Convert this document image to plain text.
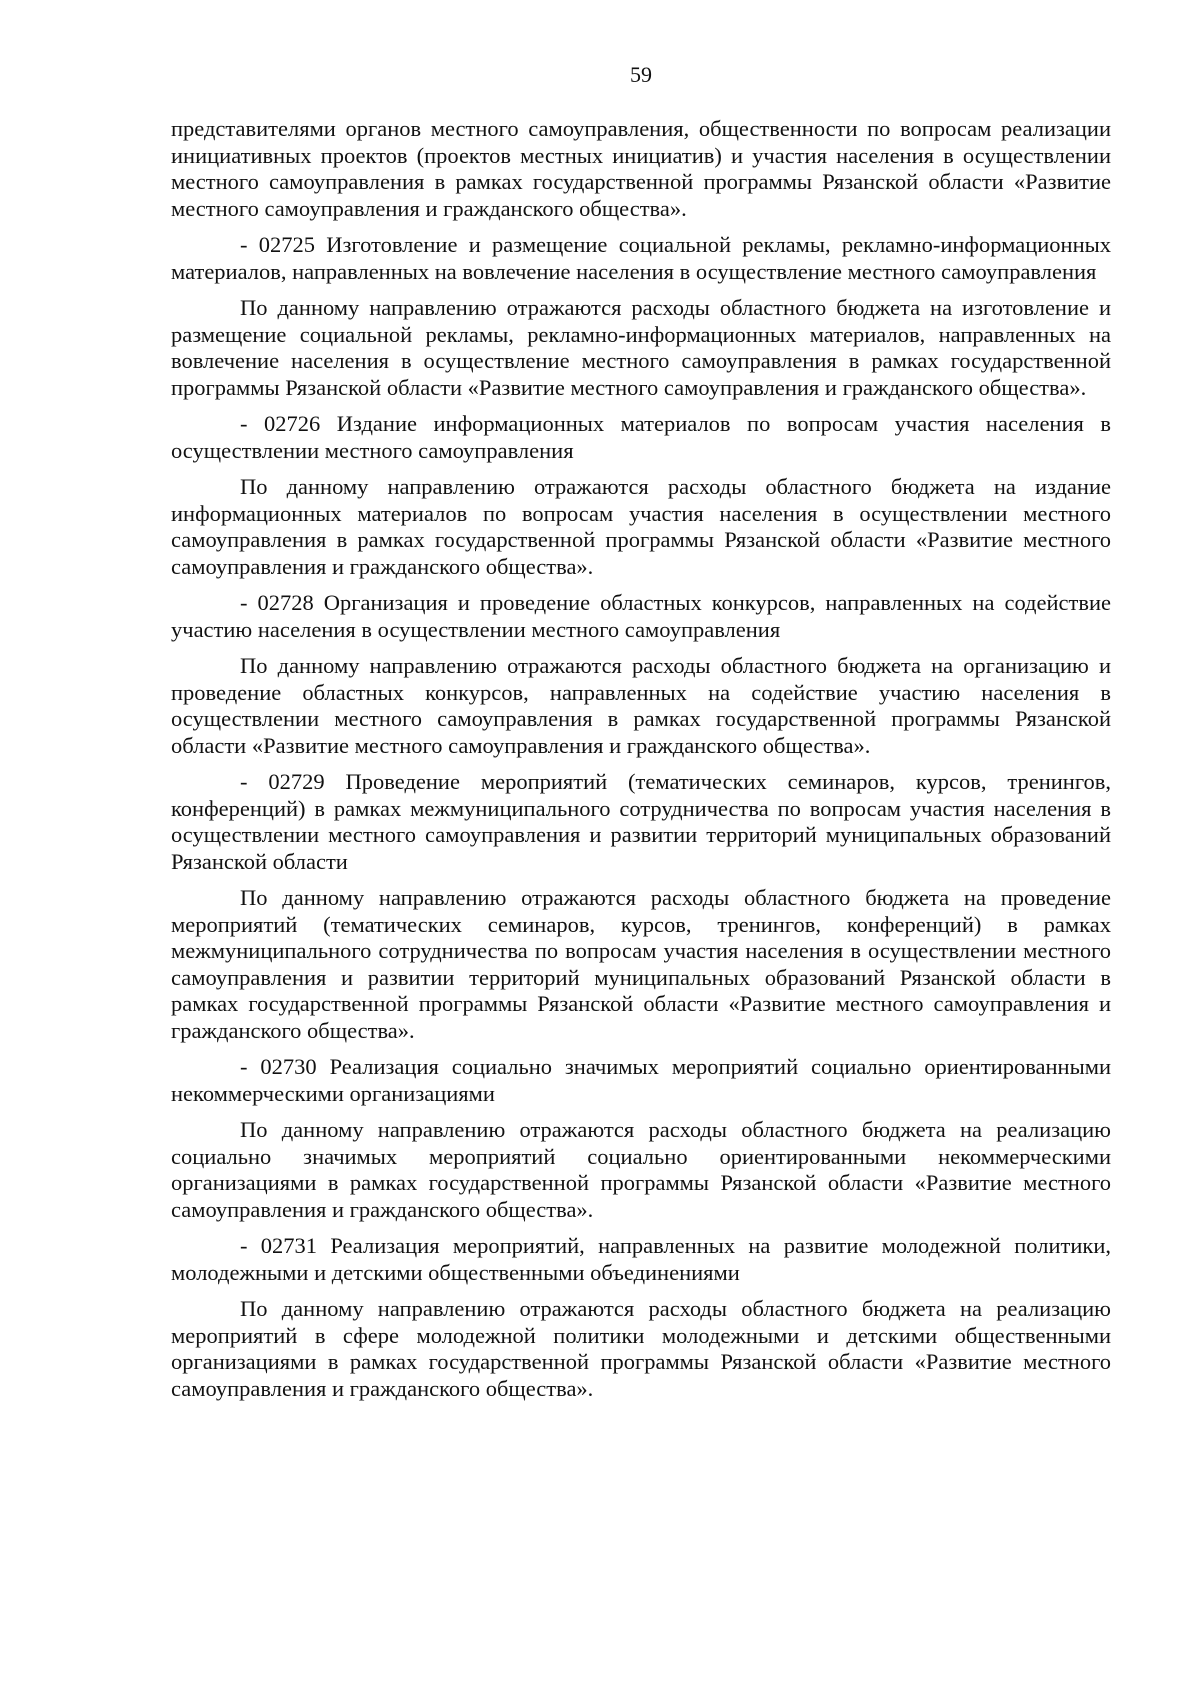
59

представителями органов местного самоуправления, общественности по вопросам реализации инициативных проектов (проектов местных инициатив) и участия населения в осуществлении местного самоуправления в рамках государственной программы Рязанской области «Развитие местного самоуправления и гражданского общества».

- 02725 Изготовление и размещение социальной рекламы, рекламно-информационных материалов, направленных на вовлечение населения в осуществление местного самоуправления

По данному направлению отражаются расходы областного бюджета на изготовление и размещение социальной рекламы, рекламно-информационных материалов, направленных на вовлечение населения в осуществление местного самоуправления в рамках государственной программы Рязанской области «Развитие местного самоуправления и гражданского общества».

- 02726 Издание информационных материалов по вопросам участия населения в осуществлении местного самоуправления

По данному направлению отражаются расходы областного бюджета на издание информационных материалов по вопросам участия населения в осуществлении местного самоуправления в рамках государственной программы Рязанской области «Развитие местного самоуправления и гражданского общества».

- 02728 Организация и проведение областных конкурсов, направленных на содействие участию населения в осуществлении местного самоуправления

По данному направлению отражаются расходы областного бюджета на организацию и проведение областных конкурсов, направленных на содействие участию населения в осуществлении местного самоуправления в рамках государственной программы Рязанской области «Развитие местного самоуправления и гражданского общества».

- 02729 Проведение мероприятий (тематических семинаров, курсов, тренингов, конференций) в рамках межмуниципального сотрудничества по вопросам участия населения в осуществлении местного самоуправления и развитии территорий муниципальных образований Рязанской области

По данному направлению отражаются расходы областного бюджета на проведение мероприятий (тематических семинаров, курсов, тренингов, конференций) в рамках межмуниципального сотрудничества по вопросам участия населения в осуществлении местного самоуправления и развитии территорий муниципальных образований Рязанской области в рамках государственной программы Рязанской области «Развитие местного самоуправления и гражданского общества».

- 02730 Реализация социально значимых мероприятий социально ориентированными некоммерческими организациями

По данному направлению отражаются расходы областного бюджета на реализацию социально значимых мероприятий социально ориентированными некоммерческими организациями в рамках государственной программы Рязанской области «Развитие местного самоуправления и гражданского общества».

- 02731 Реализация мероприятий, направленных на развитие молодежной политики, молодежными и детскими общественными объединениями

По данному направлению отражаются расходы областного бюджета на реализацию мероприятий в сфере молодежной политики молодежными и детскими общественными организациями в рамках государственной программы Рязанской области «Развитие местного самоуправления и гражданского общества».
